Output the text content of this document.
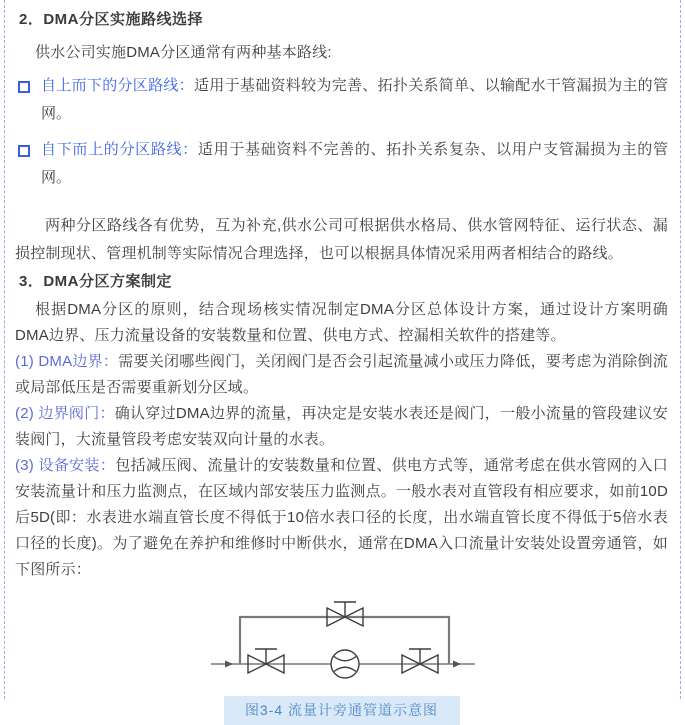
2．DMA分区实施路线选择

供水公司实施DMA分区通常有两种基本路线:

自上而下的分区路线：适用于基础资料较为完善、拓扑关系简单、以输配水干管漏损为主的管网。
自下而上的分区路线：适用于基础资料不完善的、拓扑关系复杂、以用户支管漏损为主的管网。

两种分区路线各有优势，互为补充,供水公司可根据供水格局、供水管网特征、运行状态、漏损控制现状、管理机制等实际情况合理选择，也可以根据具体情况采用两者相结合的路线。

3．DMA分区方案制定

根据DMA分区的原则，结合现场核实情况制定DMA分区总体设计方案，通过设计方案明确DMA边界、压力流量设备的安装数量和位置、供电方式、控漏相关软件的搭建等。

(1) DMA边界：需要关闭哪些阀门，关闭阀门是否会引起流量减小或压力降低，要考虑为消除倒流或局部低压是否需要重新划分区域。

(2) 边界阀门：确认穿过DMA边界的流量，再决定是安装水表还是阀门，一般小流量的管段建议安装阀门，大流量管段考虑安装双向计量的水表。

(3) 设备安装：包括减压阀、流量计的安装数量和位置、供电方式等，通常考虑在供水管网的入口安装流量计和压力监测点，在区域内部安装压力监测点。一般水表对直管段有相应要求，如前10D后5D(即：水表进水端直管长度不得低于10倍水表口径的长度，出水端直管长度不得低于5倍水表口径的长度)。为了避免在养护和维修时中断供水，通常在DMA入口流量计安装处设置旁通管，如下图所示：

图3-4 流量计旁通管道示意图
